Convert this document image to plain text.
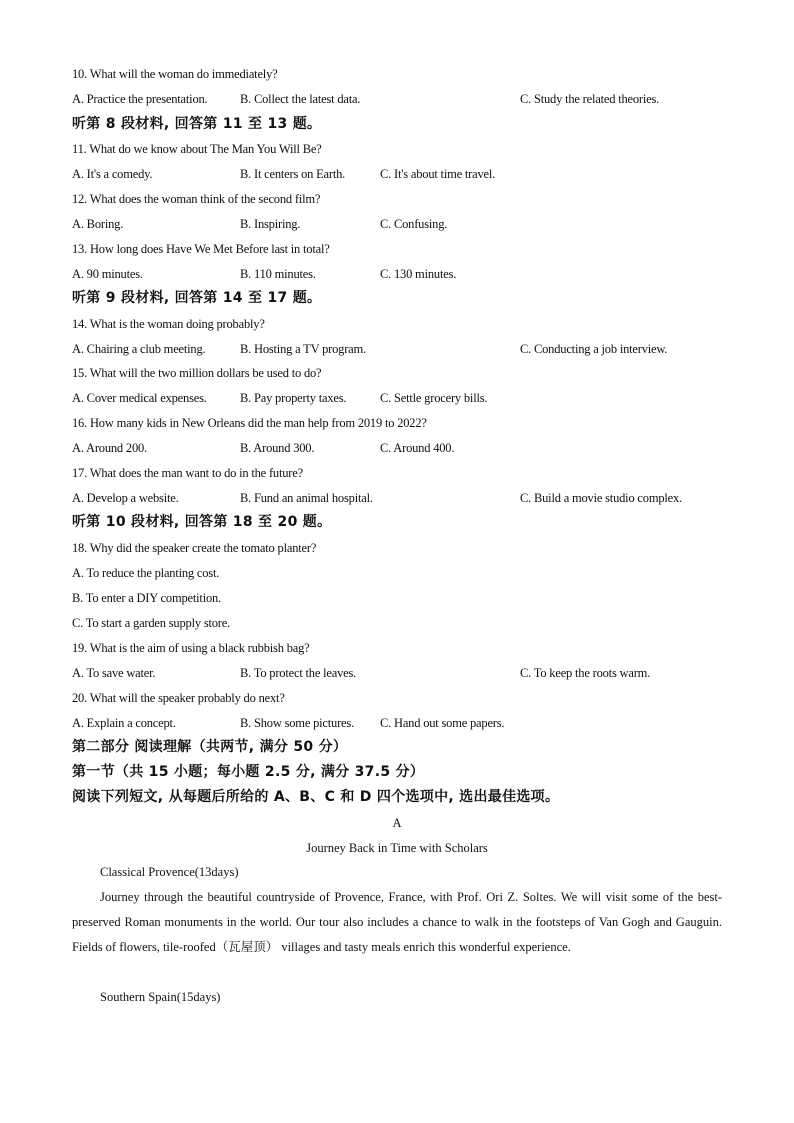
10. What will the woman do immediately?
A. Practice the presentation.	B. Collect the latest data.	C. Study the related theories.
听第 8 段材料, 回答第 11 至 13 题。
11. What do we know about The Man You Will Be?
A. It's a comedy.	B. It centers on Earth.	C. It's about time travel.
12. What does the woman think of the second film?
A. Boring.	B. Inspiring.	C. Confusing.
13. How long does Have We Met Before last in total?
A. 90 minutes.	B. 110 minutes.	C. 130 minutes.
听第 9 段材料, 回答第 14 至 17 题。
14. What is the woman doing probably?
A. Chairing a club meeting.	B. Hosting a TV program.	C. Conducting a job interview.
15. What will the two million dollars be used to do?
A. Cover medical expenses.	B. Pay property taxes.	C. Settle grocery bills.
16. How many kids in New Orleans did the man help from 2019 to 2022?
A. Around 200.	B. Around 300.	C. Around 400.
17. What does the man want to do in the future?
A. Develop a website.	B. Fund an animal hospital.	C. Build a movie studio complex.
听第 10 段材料, 回答第 18 至 20 题。
18. Why did the speaker create the tomato planter?
A. To reduce the planting cost.
B. To enter a DIY competition.
C. To start a garden supply store.
19. What is the aim of using a black rubbish bag?
A. To save water.	B. To protect the leaves.	C. To keep the roots warm.
20. What will the speaker probably do next?
A. Explain a concept.	B. Show some pictures. C. Hand out some papers.
第二部分 阅读理解（共两节, 满分 50 分）
第一节（共 15 小题；每小题 2.5 分, 满分 37.5 分）
阅读下列短文, 从每题后所给的 A、B、C 和 D 四个选项中, 选出最佳选项。
A
Journey Back in Time with Scholars
Classical Provence(13days)

Journey through the beautiful countryside of Provence, France, with Prof. Ori Z. Soltes. We will visit some of the best-preserved Roman monuments in the world. Our tour also includes a chance to walk in the footsteps of Van Gogh and Gauguin. Fields of flowers, tile-roofed（瓦屋顶） villages and tasty meals enrich this wonderful experience.

Southern Spain(15days)
